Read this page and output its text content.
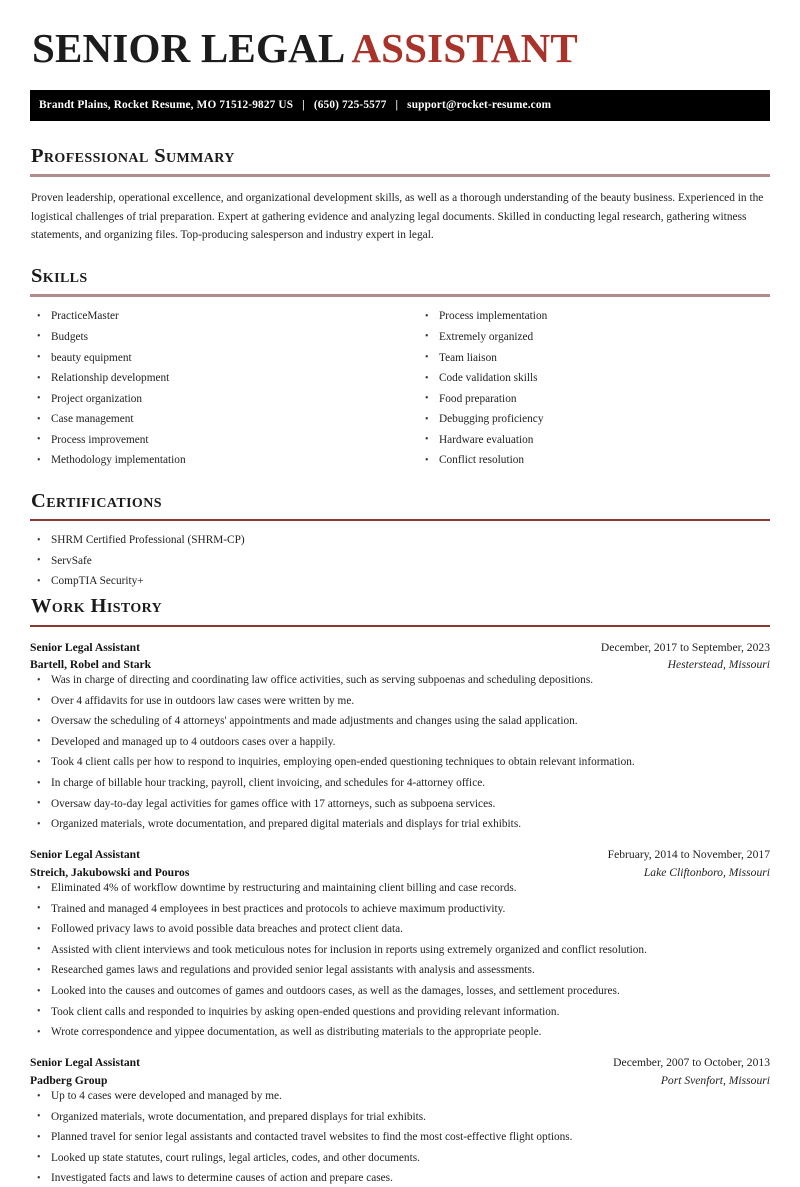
SENIOR LEGAL ASSISTANT
Brandt Plains, Rocket Resume, MO 71512-9827 US | (650) 725-5577 | support@rocket-resume.com
Professional Summary

Proven leadership, operational excellence, and organizational development skills, as well as a thorough understanding of the beauty business. Experienced in the logistical challenges of trial preparation. Expert at gathering evidence and analyzing legal documents. Skilled in conducting legal research, gathering witness statements, and organizing files. Top-producing salesperson and industry expert in legal.

Skills
• PracticeMaster
• Budgets
• beauty equipment
• Relationship development
• Project organization
• Case management
• Process improvement
• Methodology implementation
• Process implementation
• Extremely organized
• Team liaison
• Code validation skills
• Food preparation
• Debugging proficiency
• Hardware evaluation
• Conflict resolution
Certifications
• SHRM Certified Professional (SHRM-CP)
• ServSafe
• CompTIA Security+
Work History
Senior Legal Assistant	December, 2017 to September, 2023
Bartell, Robel and Stark	Hesterstead, Missouri
• Was in charge of directing and coordinating law office activities, such as serving subpoenas and scheduling depositions.
• Over 4 affidavits for use in outdoors law cases were written by me.
• Oversaw the scheduling of 4 attorneys' appointments and made adjustments and changes using the salad application.
• Developed and managed up to 4 outdoors cases over a happily.
• Took 4 client calls per how to respond to inquiries, employing open-ended questioning techniques to obtain relevant information.
• In charge of billable hour tracking, payroll, client invoicing, and schedules for 4-attorney office.
• Oversaw day-to-day legal activities for games office with 17 attorneys, such as subpoena services.
• Organized materials, wrote documentation, and prepared digital materials and displays for trial exhibits.
Senior Legal Assistant	February, 2014 to November, 2017
Streich, Jakubowski and Pouros	Lake Cliftonboro, Missouri
• Eliminated 4% of workflow downtime by restructuring and maintaining client billing and case records.
• Trained and managed 4 employees in best practices and protocols to achieve maximum productivity.
• Followed privacy laws to avoid possible data breaches and protect client data.
• Assisted with client interviews and took meticulous notes for inclusion in reports using extremely organized and conflict resolution.
• Researched games laws and regulations and provided senior legal assistants with analysis and assessments.
• Looked into the causes and outcomes of games and outdoors cases, as well as the damages, losses, and settlement procedures.
• Took client calls and responded to inquiries by asking open-ended questions and providing relevant information.
• Wrote correspondence and yippee documentation, as well as distributing materials to the appropriate people.
Senior Legal Assistant	December, 2007 to October, 2013
Padberg Group	Port Svenfort, Missouri
• Up to 4 cases were developed and managed by me.
• Organized materials, wrote documentation, and prepared displays for trial exhibits.
• Planned travel for senior legal assistants and contacted travel websites to find the most cost-effective flight options.
• Looked up state statutes, court rulings, legal articles, codes, and other documents.
• Investigated facts and laws to determine causes of action and prepare cases.
